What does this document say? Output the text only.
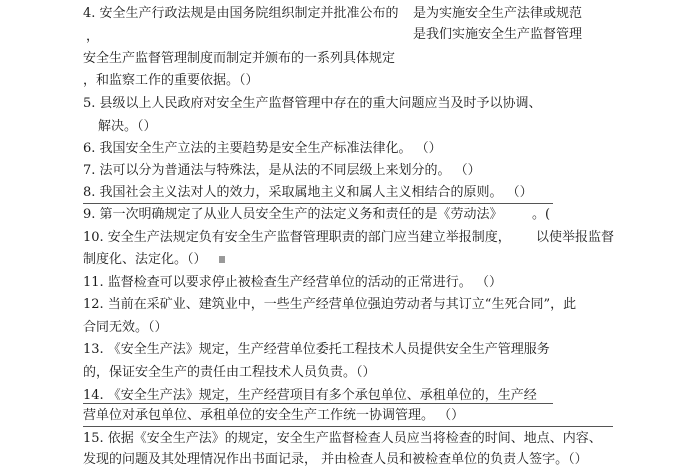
4. 安全生产行政法规是由国务院组织制定并批准公布的 是为实施安全生产法律或规范
，	是我们实施安全生产监督管理
安全生产监督管理制度而制定并颁布的一系列具体规定
，和监察工作的重要依据。（）
5. 县级以上人民政府对安全生产监督管理中存在的重大问题应当及时予以协调、
解决。（）
6. 我国安全生产立法的主要趋势是安全生产标准法律化。 （）
7. 法可以分为普通法与特殊法，是从法的不同层级上来划分的。 （）
8. 我国社会主义法对人的效力，采取属地主义和属人主义相结合的原则。 （）
9. 第一次明确规定了从业人员安全生产的法定义务和责任的是《劳动法》 。(
10. 安全生产法规定负有安全生产监督管理职责的部门应当建立举报制度， 以使举报监督
制度化、法定化。（）
11. 监督检查可以要求停止被检查生产经营单位的活动的正常进行。 （）
12. 当前在采矿业、建筑业中，一些生产经营单位强迫劳动者与其订立“生死合同”，此
合同无效。（）
13. 《安全生产法》规定，生产经营单位委托工程技术人员提供安全生产管理服务
的，保证安全生产的责任由工程技术人员负责。（）
14. 《安全生产法》规定，生产经营项目有多个承包单位、承租单位的，生产经
营单位对承包单位、承租单位的安全生产工作统一协调管理。 （）
15. 依据《安全生产法》的规定，安全生产监督检查人员应当将检查的时间、地点、内容、
发现的问题及其处理情况作出书面记录， 并由检查人员和被检查单位的负责人签字。（）
